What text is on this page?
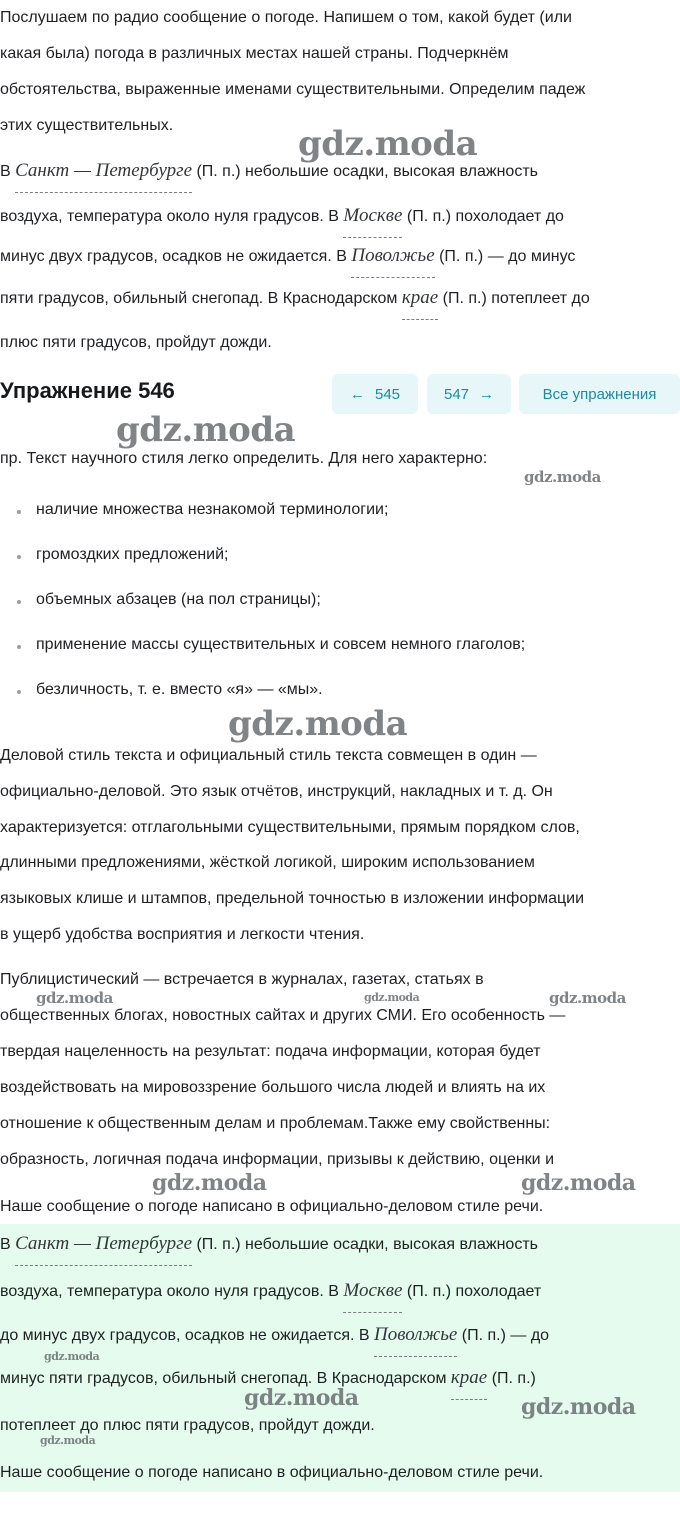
Послушаем по радио сообщение о погоде. Напишем о том, какой будет (или

какая была) погода в различных местах нашей страны. Подчеркнём

обстоятельства, выраженные именами существительными. Определим падеж

этих существительных.

В Санкт — Петербурге (П. п.) небольшие осадки, высокая влажность

воздуха, температура около нуля градусов. В Москве (П. п.) похолодает до

минус двух градусов, осадков не ожидается. В Поволжье (П. п.) — до минус

пяти градусов, обильный снегопад. В Краснодарском крае (П. п.) потеплеет до

плюс пяти градусов, пройдут дожди.

Упражнение 546	← 545	547 →	Все упражнения

пр. Текст научного стиля легко определить. Для него характерно:

наличие множества незнакомой терминологии;
громоздких предложений;
объемных абзацев (на пол страницы);
применение массы существительных и совсем немного глаголов;
безличность, т. е. вместо «я» — «мы».

Деловой стиль текста и официальный стиль текста совмещен в один —

официально-деловой. Это язык отчётов, инструкций, накладных и т. д. Он

характеризуется: отглагольными существительными, прямым порядком слов,

длинными предложениями, жёсткой логикой, широким использованием

языковых клише и штампов, предельной точностью в изложении информации

в ущерб удобства восприятия и легкости чтения.

Публицистический — встречается в журналах, газетах, статьях в

общественных блогах, новостных сайтах и других СМИ. Его особенность —

твердая нацеленность на результат: подача информации, которая будет

воздействовать на мировоззрение большого числа людей и влиять на их

отношение к общественным делам и проблемам.Также ему свойственны:

образность, логичная подача информации, призывы к действию, оценки и

Наше сообщение о погоде написано в официально-деловом стиле речи.

В Санкт — Петербурге (П. п.) небольшие осадки, высокая влажность

воздуха, температура около нуля градусов. В Москве (П. п.) похолодает

до минус двух градусов, осадков не ожидается. В Поволжье (П. п.) — до

минус пяти градусов, обильный снегопад. В Краснодарском крае (П. п.)

потеплеет до плюс пяти градусов, пройдут дожди.

Наше сообщение о погоде написано в официально-деловом стиле речи.

gdz.moda
gdz.moda
gdz.moda
gdz.moda
gdz.moda	gdz.moda	gdz.moda
gdz.moda	gdz.moda
gdz.moda
gdz.moda	gdz.moda
gdz.moda
